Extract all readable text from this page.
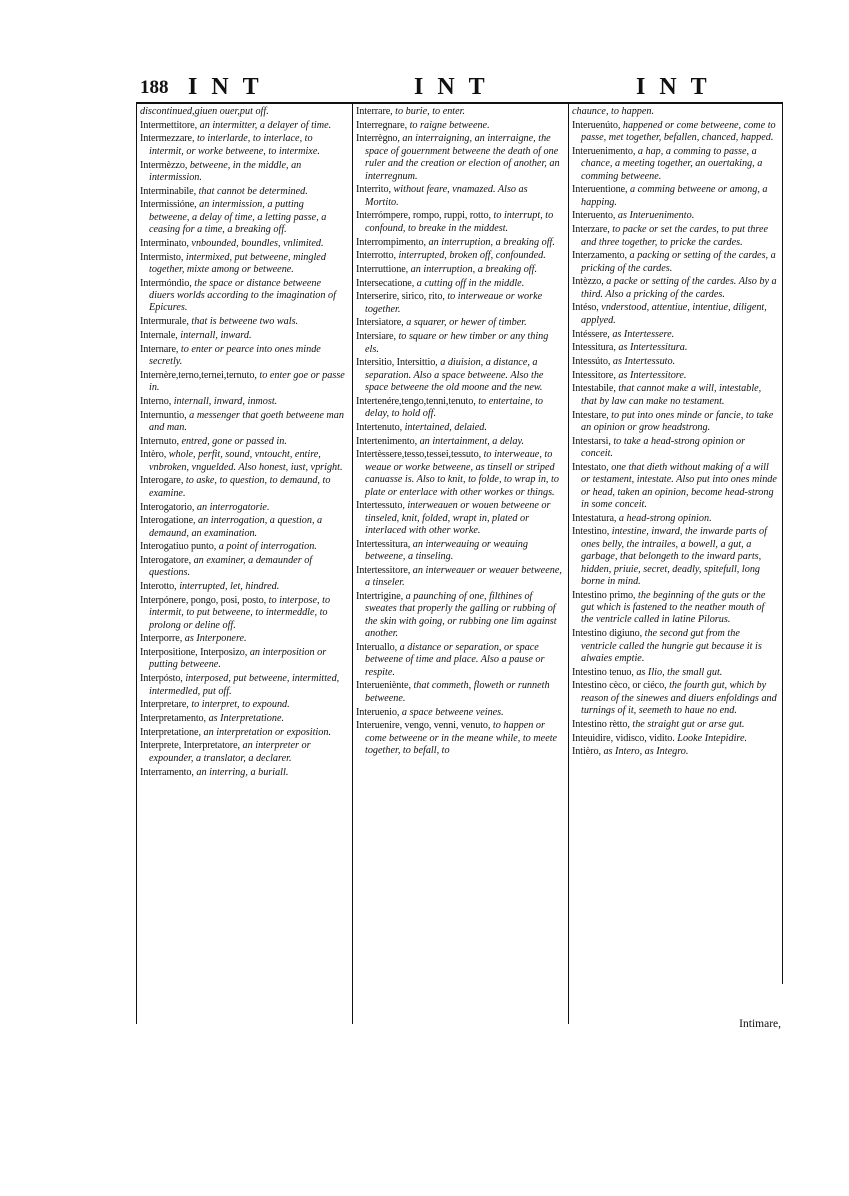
188 INT	INT	INT
discontinued,giuen ouer,put off.
Intermettitore, an intermitter, a delayer of time.
Intermezzare, to interlarde, to interlace, to intermit, or worke betweene, to intermixe.
Intermèzzo, betweene, in the middle, an intermission.
Interminabile, that cannot be determined.
Intermissióne, an intermission, a putting betweene, a delay of time, a letting passe, a ceasing for a time, a breaking off.
Interminato, vnbounded, boundles, vnlimited.
Intermisto, intermixed, put betweene, mingled together, mixte among or betweene.
Intermóndio, the space or distance betweene diuers worlds according to the imagination of Epicures.
Intermurale, that is betweene two wals.
Internale, internall, inward.
Internare, to enter or pearce into ones minde secretly.
Internère,terno,ternei,ternuto, to enter goe or passe in.
Interno, internall, inward, inmost.
Internuntio, a messenger that goeth betweene man and man.
Internuto, entred, gone or passed in.
Intèro, whole, perfit, sound, vntoucht, entire, vnbroken, vnguelded. Also honest, iust, vpright.
Interogare, to aske, to question, to demaund, to examine.
Interogatorio, an interrogatorie.
Interogatione, an interrogation, a question, a demaund, an examination.
Interogatiuo punto, a point of interrogation.
Interogatore, an examiner, a demaunder of questions.
Interotto, interrupted, let, hindred.
Interpónere, pongo, posi, posto, to interpose, to intermit, to put betweene, to intermeddle, to prolong or deline off.
Interporre, as Interponere.
Interpositione, Interposizo, an interposition or putting betweene.
Interpósto, interposed, put betweene, intermitted, intermedled, put off.
Interpretare, to interpret, to expound.
Interpretamento, as Interpretatione.
Interpretatione, an interpretation or exposition.
Interprete, Interpretatore, an interpreter or expounder, a translator, a declarer.
Interramento, an interring, a buriall.
Interrare, to burie, to enter.
Interregnare, to raigne betweene.
Interrègno, an interraigning, an interraigne, the space of gouernment betweene the death of one ruler and the creation or election of another, an interregnum.
Interrito, without feare, vnamazed. Also as Mortito.
Interrómpere, rompo, ruppi, rotto, to interrupt, to confound, to breake in the middest.
Interrompimento, an interruption, a breaking off.
Interrotto, interrupted, broken off, confounded.
Interruttione, an interruption, a breaking off.
Intersecatione, a cutting off in the middle.
Interserire, sirico, rito, to interweaue or worke together.
Intersiatore, a squarer, or hewer of timber.
Intersiare, to square or hew timber or any thing els.
Intersitio, Intersittio, a diuision, a distance, a separation. Also a space betweene. Also the space betweene the old moone and the new.
Intertenére,tengo,tenni,tenuto, to entertaine, to delay, to hold off.
Intertenuto, intertained, delaied.
Intertenimento, an intertainment, a delay.
Intertèssere,tesso,tessei,tessuto, to interweaue, to weaue or worke betweene, as tinsell or striped canuasse is. Also to knit, to folde, to wrap in, to plate or enterlace with other workes or things.
Intertessuto, interweauen or wouen betweene or tinseled, knit, folded, wrapt in, plated or interlaced with other worke.
Intertessitura, an interweauing or weauing betweene, a tinseling.
Intertessitore, an interweauer or weauer betweene, a tinseler.
Intertrigine, a paunching of one, filthines of sweates that properly the galling or rubbing of the skin with going, or rubbing one lim against another.
Interuallo, a distance or separation, or space betweene of time and place. Also a pause or respite.
Interueniènte, that commeth, floweth or runneth betweene.
Interuenio, a space betweene veines.
Interuenire, vengo, venni, venuto, to happen or come betweene or in the meane while, to meete together, to befall, to
chaunce, to happen.
Interuenúto, happened or come betweene, come to passe, met together, befallen, chanced, happed.
Interuenimento, a hap, a comming to passe, a chance, a meeting together, an ouertaking, a comming betweene.
Interuentione, a comming betweene or among, a happing.
Interuento, as Interuenimento.
Interzare, to packe or set the cardes, to put three and three together, to pricke the cardes.
Interzamento, a packing or setting of the cardes, a pricking of the cardes.
Intèzzo, a packe or setting of the cardes. Also by a third. Also a pricking of the cardes.
Intéso, vnderstood, attentiue, intentiue, diligent, applyed.
Intéssere, as Intertessere.
Intessitura, as Intertessitura.
Intessúto, as Intertessuto.
Intessitore, as Intertessitore.
Intestabile, that cannot make a will, intestable, that by law can make no testament.
Intestare, to put into ones minde or fancie, to take an opinion or grow headstrong.
Intestarsi, to take a head-strong opinion or conceit.
Intestato, one that dieth without making of a will or testament, intestate. Also put into ones minde or head, taken an opinion, become head-strong in some conceit.
Intestatura, a head-strong opinion.
Intestino, intestine, inward, the inwarde parts of ones belly, the intrailes, a bowell, a gut, a garbage, that belongeth to the inward parts, hidden, priuie, secret, deadly, spitefull, long borne in mind.
Intestino primo, the beginning of the guts or the gut which is fastened to the neather mouth of the ventricle called in latine Pilorus.
Intestino digiuno, the second gut from the ventricle called the hungrie gut because it is alwaies emptie.
Intestino tenuo, as Ilio, the small gut.
Intestino cèco, or ciéco, the fourth gut, which by reason of the sinewes and diuers enfoldings and turnings of it, seemeth to haue no end.
Intestino rètto, the straight gut or arse gut.
Inteuidire, vidisco, vidito. Looke Intepidire.
Intièro, as Intero, as Integro.
Intimare,
